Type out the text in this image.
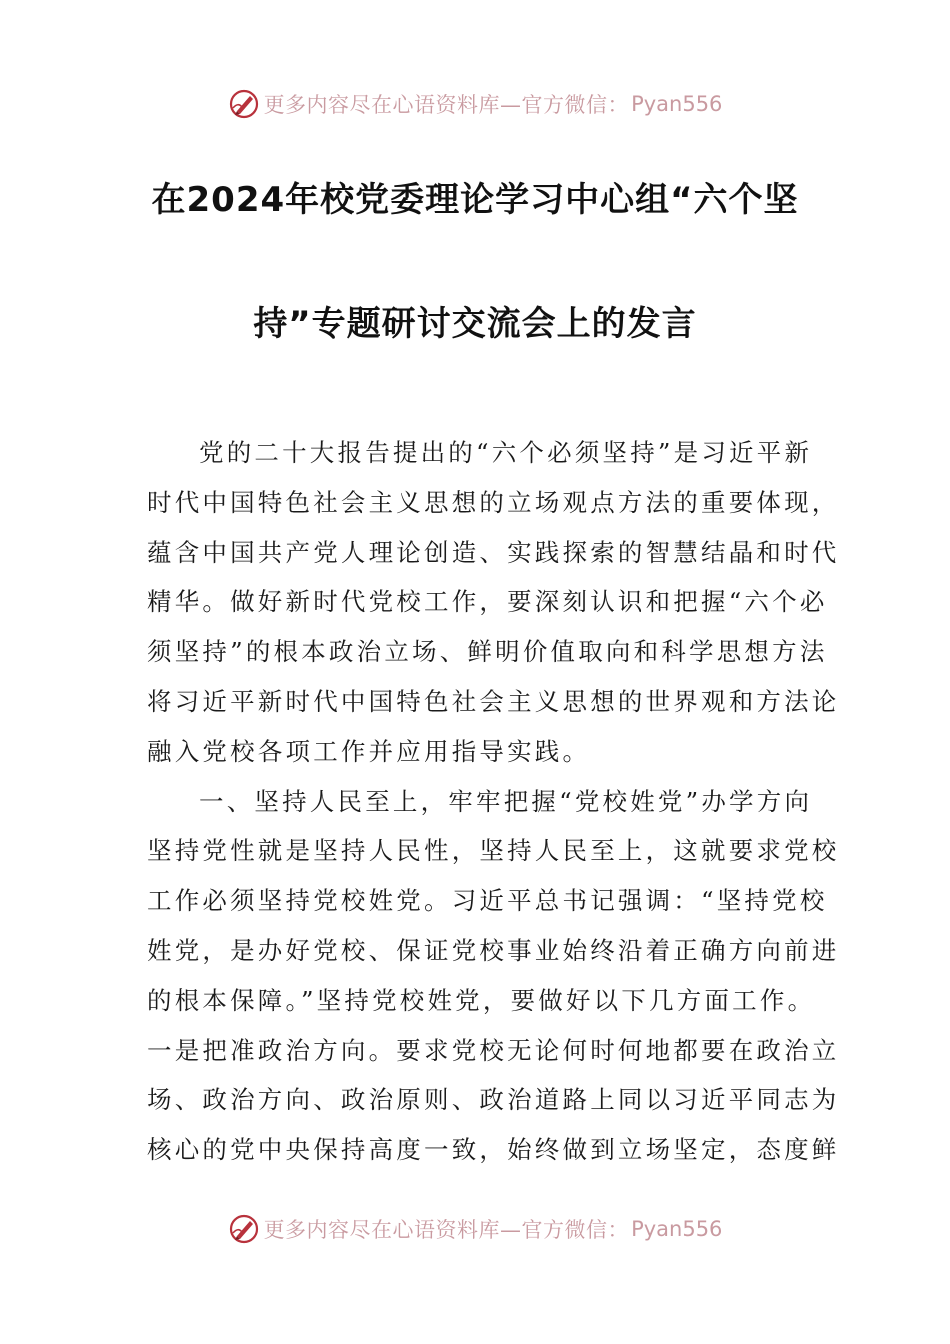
更多内容尽在心语资料库—官方微信： Pyan556
在2024年校党委理论学习中心组“六个坚
持”专题研讨交流会上的发言
党的二十大报告提出的“六个必须坚持”是习近平新
时代中国特色社会主义思想的立场观点方法的重要体现，
蕴含中国共产党人理论创造、实践探索的智慧结晶和时代
精华。做好新时代党校工作，要深刻认识和把握“六个必
须坚持”的根本政治立场、鲜明价值取向和科学思想方法
将习近平新时代中国特色社会主义思想的世界观和方法论
融入党校各项工作并应用指导实践。
一、坚持人民至上，牢牢把握“党校姓党”办学方向
坚持党性就是坚持人民性，坚持人民至上，这就要求党校
工作必须坚持党校姓党。习近平总书记强调：“坚持党校
姓党，是办好党校、保证党校事业始终沿着正确方向前进
的根本保障。”坚持党校姓党，要做好以下几方面工作。
一是把准政治方向。要求党校无论何时何地都要在政治立
场、政治方向、政治原则、政治道路上同以习近平同志为
核心的党中央保持高度一致，始终做到立场坚定，态度鲜
更多内容尽在心语资料库—官方微信： Pyan556
